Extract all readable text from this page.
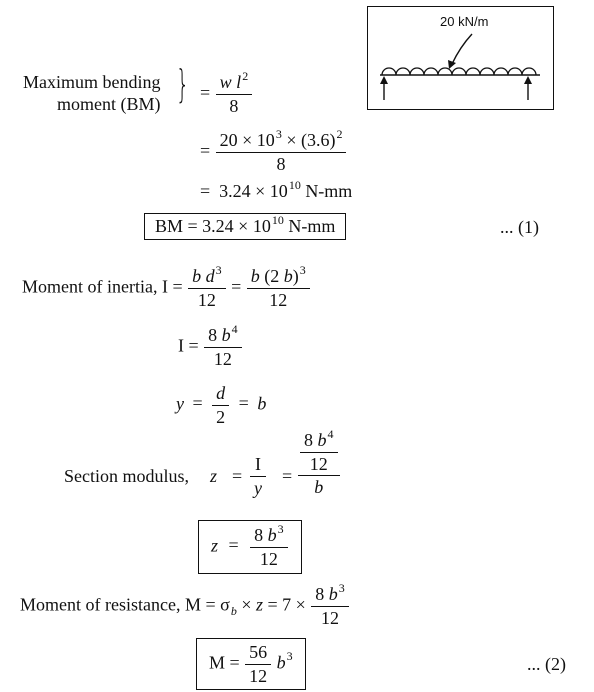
20 kN/m
Maximum bending
moment (BM) } = $\frac{w l^2}{8}$
= $\frac{20 \times 10^3 \times (3.6)^2}{8}$
= $3.24 \times 10^{10}$ N-mm
BM = $3.24 \times 10^{10}$ N-mm	... (1)
Moment of inertia, $I = \frac{b d^3}{12} = \frac{b (2 b)^3}{12}$
$I = \frac{8 b^4}{12}$
$y = \frac{d}{2} = b$
Section modulus, $z = \frac{I}{y} = \frac{\frac{8 b^4}{12}}{b}$
$z = \frac{8 b^3}{12}$
Moment of resistance, $M = \sigma_b \times z = 7 \times \frac{8 b^3}{12}$
$M = \frac{56}{12} b^3$	... (2)
